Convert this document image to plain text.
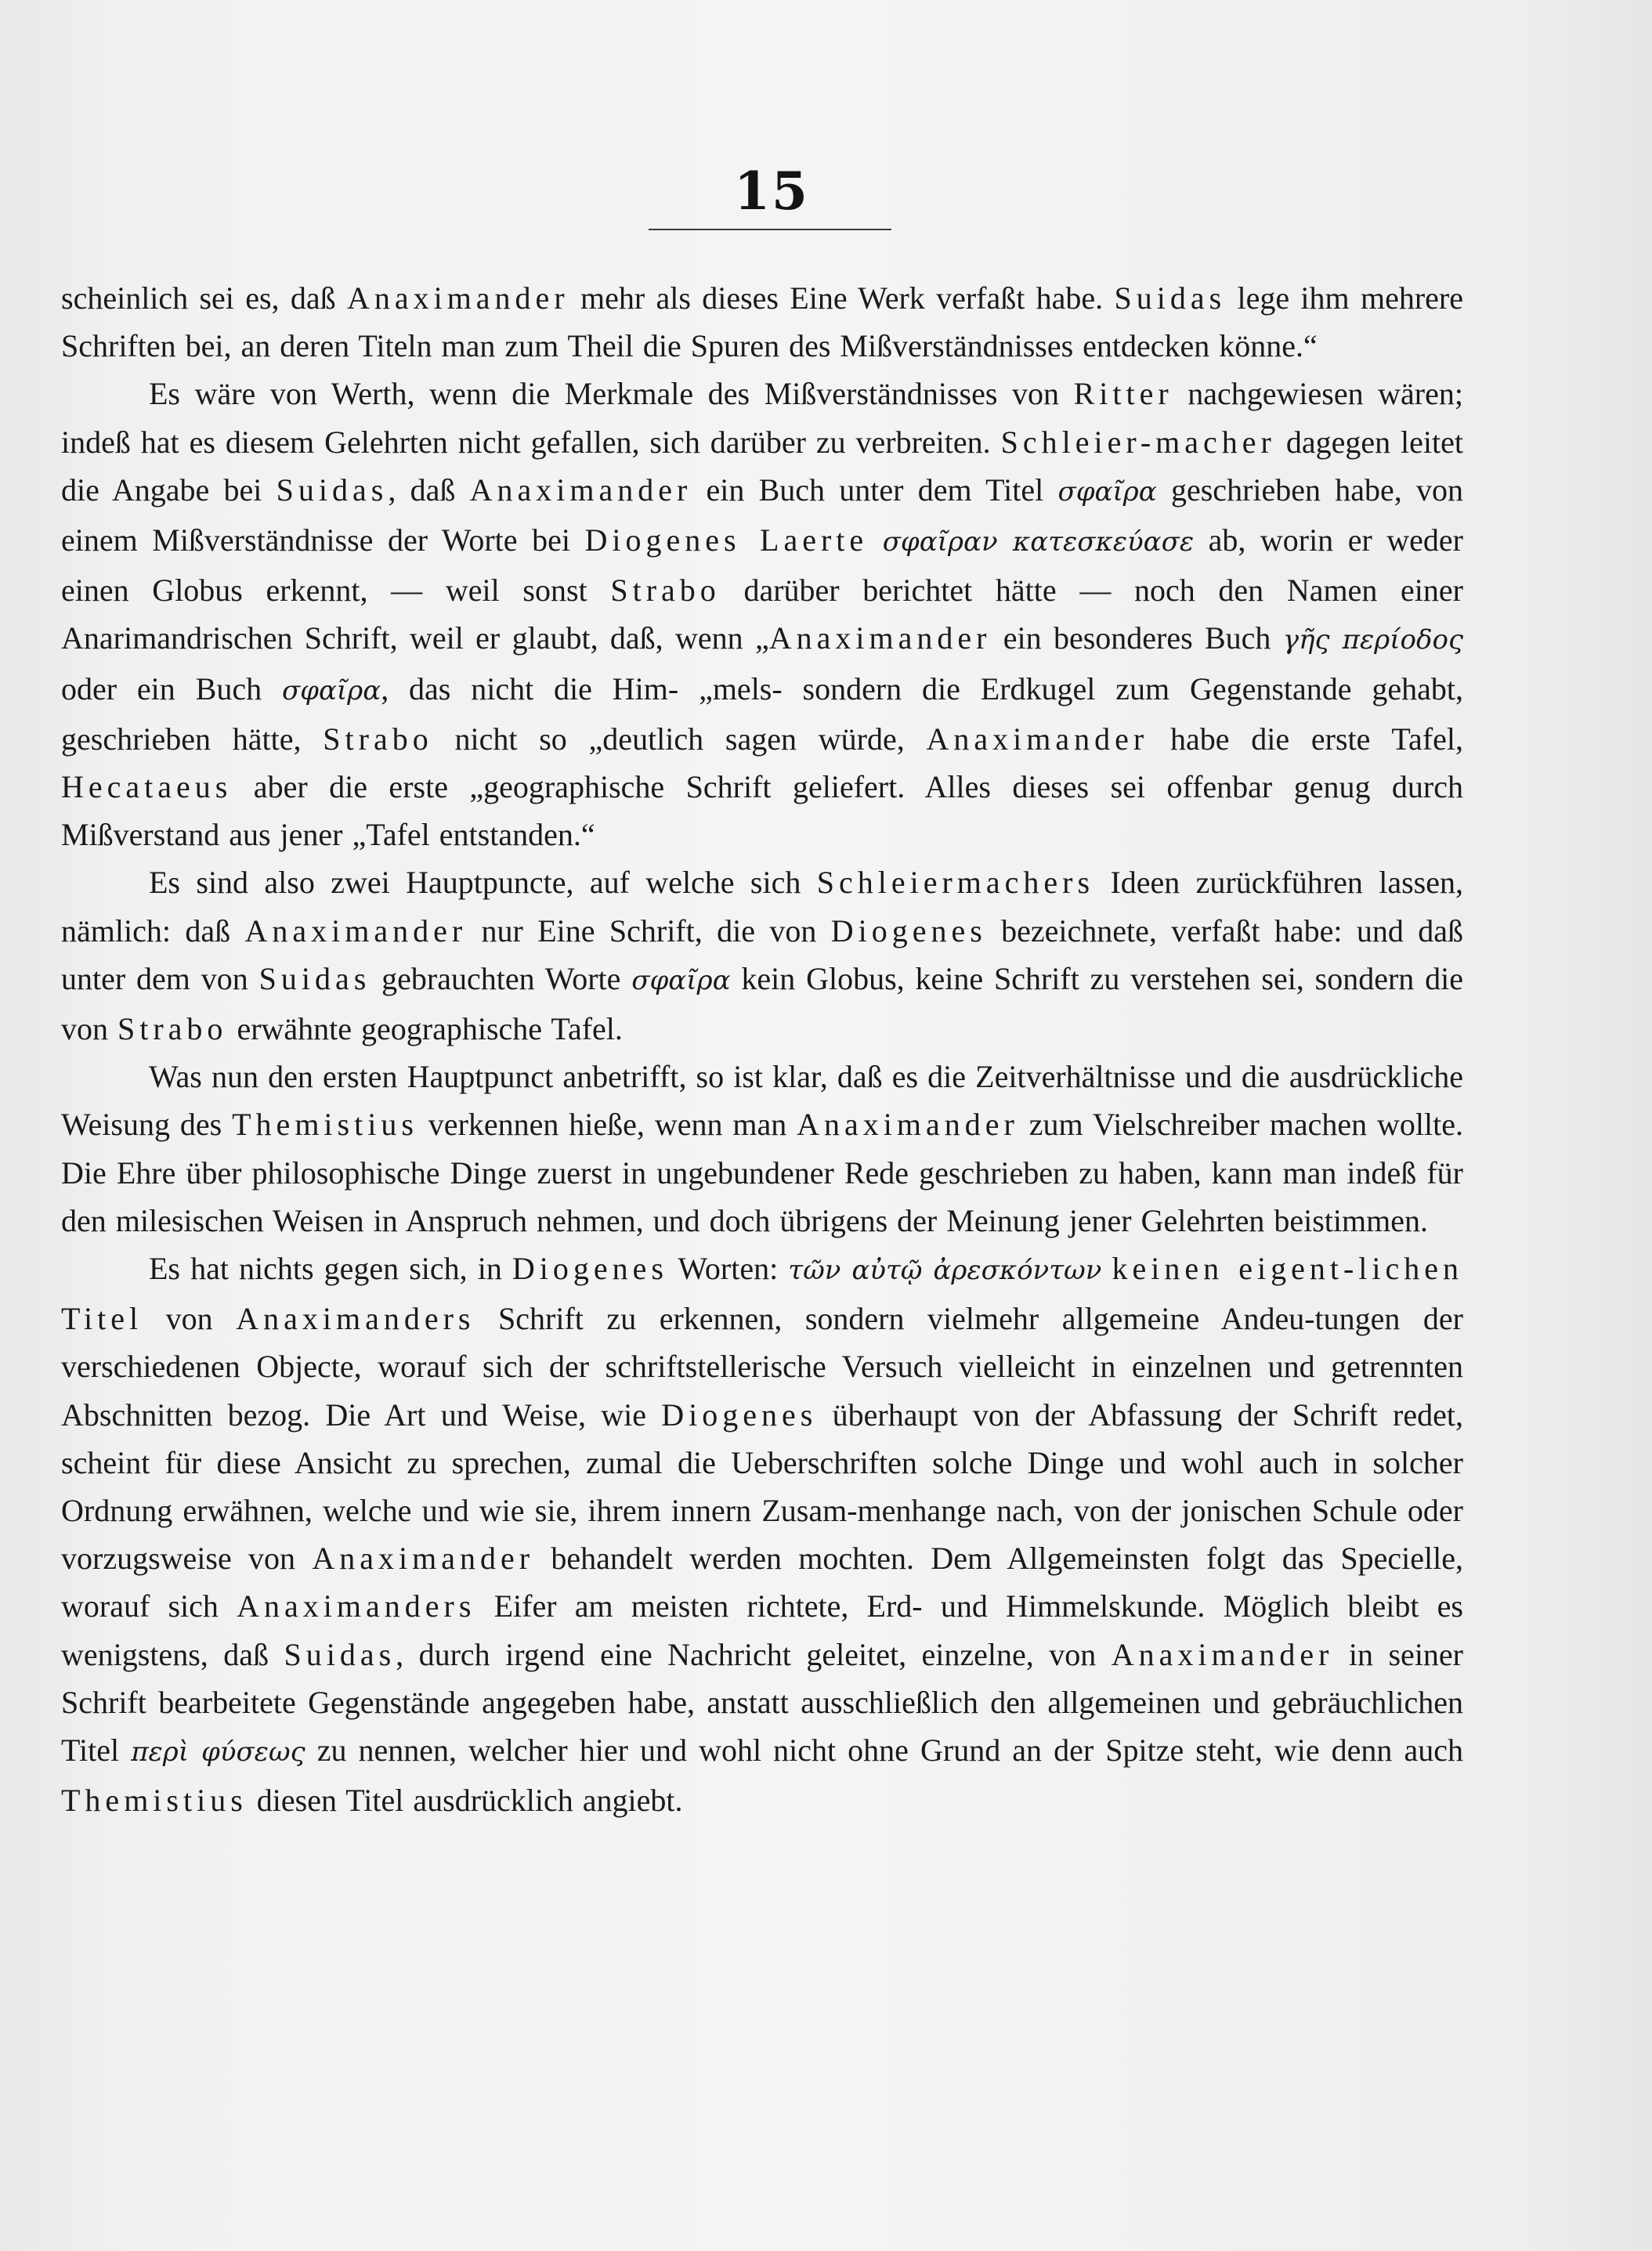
15

scheinlich sei es, daß Anaximander mehr als dieses Eine Werk verfaßt habe. Suidas lege ihm mehrere Schriften bei, an deren Titeln man zum Theil die Spuren des Mißverständnisses entdecken könne.“

Es wäre von Werth, wenn die Merkmale des Mißverständnisses von Ritter nachgewiesen wären; indeß hat es diesem Gelehrten nicht gefallen, sich darüber zu verbreiten. Schleier-macher dagegen leitet die Angabe bei Suidas, daß Anaximander ein Buch unter dem Titel σφαῖρα geschrieben habe, von einem Mißverständnisse der Worte bei Diogenes Laerte σφαῖραν κατεσκεύασε ab, worin er weder einen Globus erkennt, — weil sonst Strabo darüber berichtet hätte — noch den Namen einer Anarimandrischen Schrift, weil er glaubt, daß, wenn „Anaximander ein besonderes Buch γῆς περίοδος oder ein Buch σφαῖρα, das nicht die Him- „mels- sondern die Erdkugel zum Gegenstande gehabt, geschrieben hätte, Strabo nicht so „deutlich sagen würde, Anaximander habe die erste Tafel, Hecataeus aber die erste „geographische Schrift geliefert. Alles dieses sei offenbar genug durch Mißverstand aus jener „Tafel entstanden.“

Es sind also zwei Hauptpuncte, auf welche sich Schleiermachers Ideen zurückführen lassen, nämlich: daß Anaximander nur Eine Schrift, die von Diogenes bezeichnete, verfaßt habe: und daß unter dem von Suidas gebrauchten Worte σφαῖρα kein Globus, keine Schrift zu verstehen sei, sondern die von Strabo erwähnte geographische Tafel.

Was nun den ersten Hauptpunct anbetrifft, so ist klar, daß es die Zeitverhältnisse und die ausdrückliche Weisung des Themistius verkennen hieße, wenn man Anaximander zum Vielschreiber machen wollte. Die Ehre über philosophische Dinge zuerst in ungebundener Rede geschrieben zu haben, kann man indeß für den milesischen Weisen in Anspruch nehmen, und doch übrigens der Meinung jener Gelehrten beistimmen.

Es hat nichts gegen sich, in Diogenes Worten: τῶν αὐτῷ ἀρεσκόντων keinen eigent-lichen Titel von Anaximanders Schrift zu erkennen, sondern vielmehr allgemeine Andeu-tungen der verschiedenen Objecte, worauf sich der schriftstellerische Versuch vielleicht in einzelnen und getrennten Abschnitten bezog. Die Art und Weise, wie Diogenes überhaupt von der Abfassung der Schrift redet, scheint für diese Ansicht zu sprechen, zumal die Ueberschriften solche Dinge und wohl auch in solcher Ordnung erwähnen, welche und wie sie, ihrem innern Zusam-menhange nach, von der jonischen Schule oder vorzugsweise von Anaximander behandelt werden mochten. Dem Allgemeinsten folgt das Specielle, worauf sich Anaximanders Eifer am meisten richtete, Erd- und Himmelskunde. Möglich bleibt es wenigstens, daß Suidas, durch irgend eine Nachricht geleitet, einzelne, von Anaximander in seiner Schrift bearbeitete Gegenstände angegeben habe, anstatt ausschließlich den allgemeinen und gebräuchlichen Titel περὶ φύσεως zu nennen, welcher hier und wohl nicht ohne Grund an der Spitze steht, wie denn auch Themistius diesen Titel ausdrücklich angiebt.
